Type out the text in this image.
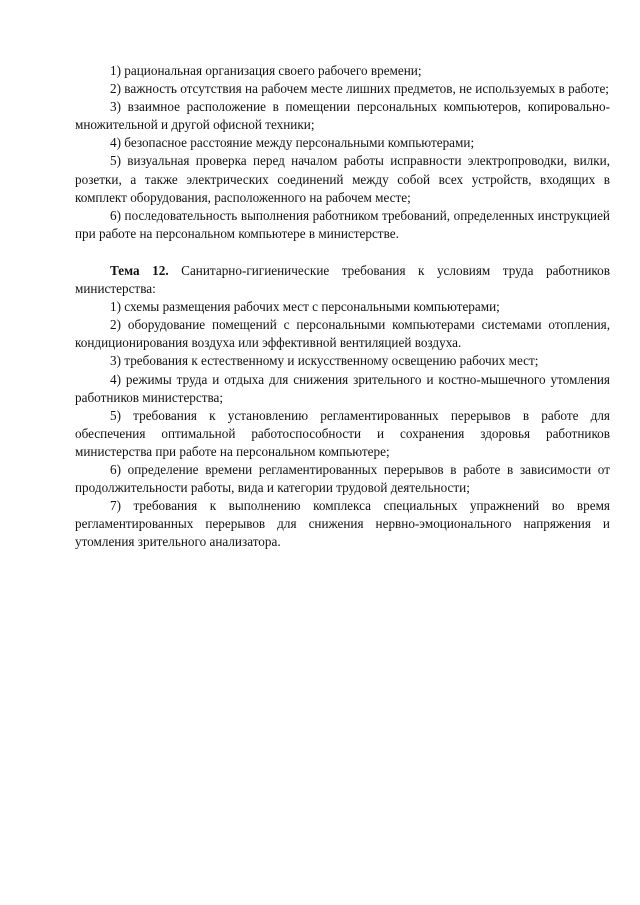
1) рациональная организация своего рабочего времени;

2) важность отсутствия на рабочем месте лишних предметов, не используемых в работе;

3) взаимное расположение в помещении персональных компьютеров, копировально-множительной и другой офисной техники;

4) безопасное расстояние между персональными компьютерами;

5) визуальная проверка перед началом работы исправности электропроводки, вилки, розетки, а также электрических соединений между собой всех устройств, входящих в комплект оборудования, расположенного на рабочем месте;

6) последовательность выполнения работником требований, определенных инструкцией при работе на персональном компьютере в министерстве.

Тема 12. Санитарно-гигиенические требования к условиям труда работников министерства:

1) схемы размещения рабочих мест с персональными компьютерами;

2) оборудование помещений с персональными компьютерами системами отопления, кондиционирования воздуха или эффективной вентиляцией воздуха.

3) требования к естественному и искусственному освещению рабочих мест;

4) режимы труда и отдыха для снижения зрительного и костно-мышечного утомления работников министерства;

5) требования к установлению регламентированных перерывов в работе для обеспечения оптимальной работоспособности и сохранения здоровья работников министерства при работе на персональном компьютере;

6) определение времени регламентированных перерывов в работе в зависимости от продолжительности работы, вида и категории трудовой деятельности;

7) требования к выполнению комплекса специальных упражнений во время регламентированных перерывов для снижения нервно-эмоционального напряжения и утомления зрительного анализатора.
